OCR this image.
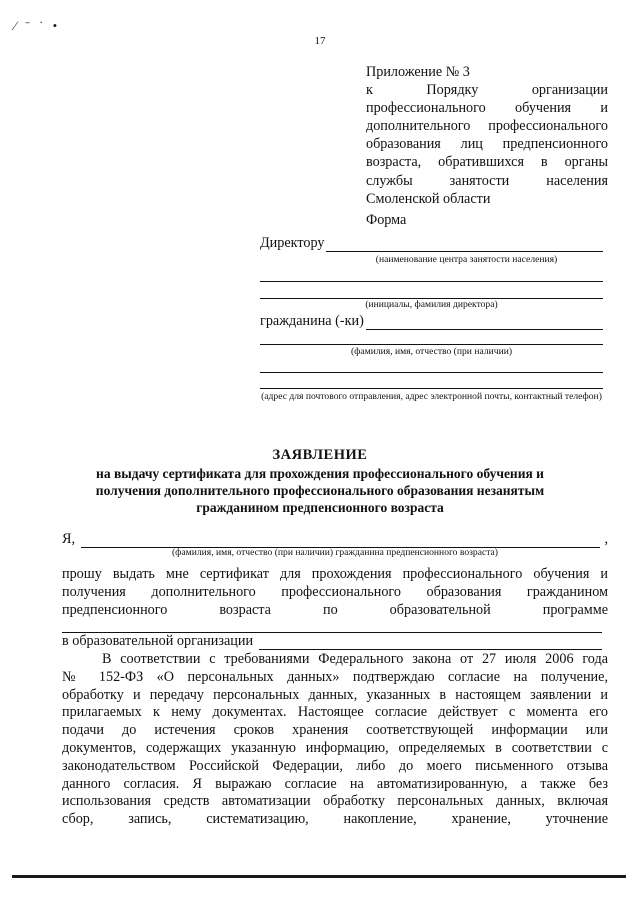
⁄ ˉ ˙ •
17
Приложение № 3
к Порядку организации
профессионального обучения и
дополнительного профессионального
образования лиц предпенсионного
возраста, обратившихся в органы
службы занятости населения
Смоленской области
Форма
Директору
(наименование центра занятости населения)
(инициалы, фамилия директора)
гражданина (-ки)
(фамилия, имя, отчество (при наличии)
(адрес для почтового отправления, адрес электронной почты, контактный телефон)
ЗАЯВЛЕНИЕ
на выдачу сертификата для прохождения профессионального обучения и
получения дополнительного профессионального образования незанятым
гражданином предпенсионного возраста
Я,	,
(фамилия, имя, отчество (при наличии) гражданина предпенсионного возраста)
прошу выдать мне сертификат для прохождения профессионального обучения и
получения дополнительного профессионального образования гражданином
предпенсионного возраста по образовательной программе
в образовательной организации
В соответствии с требованиями Федерального закона от 27 июля 2006 года
№ 152-ФЗ «О персональных данных» подтверждаю согласие на получение,
обработку и передачу персональных данных, указанных в настоящем заявлении и
прилагаемых к нему документах. Настоящее согласие действует с момента его
подачи до истечения сроков хранения соответствующей информации или
документов, содержащих указанную информацию, определяемых в соответствии с
законодательством Российской Федерации, либо до моего письменного отзыва
данного согласия. Я выражаю согласие на автоматизированную, а также без
использования средств автоматизации обработку персональных данных, включая
сбор, запись, систематизацию, накопление, хранение, уточнение
